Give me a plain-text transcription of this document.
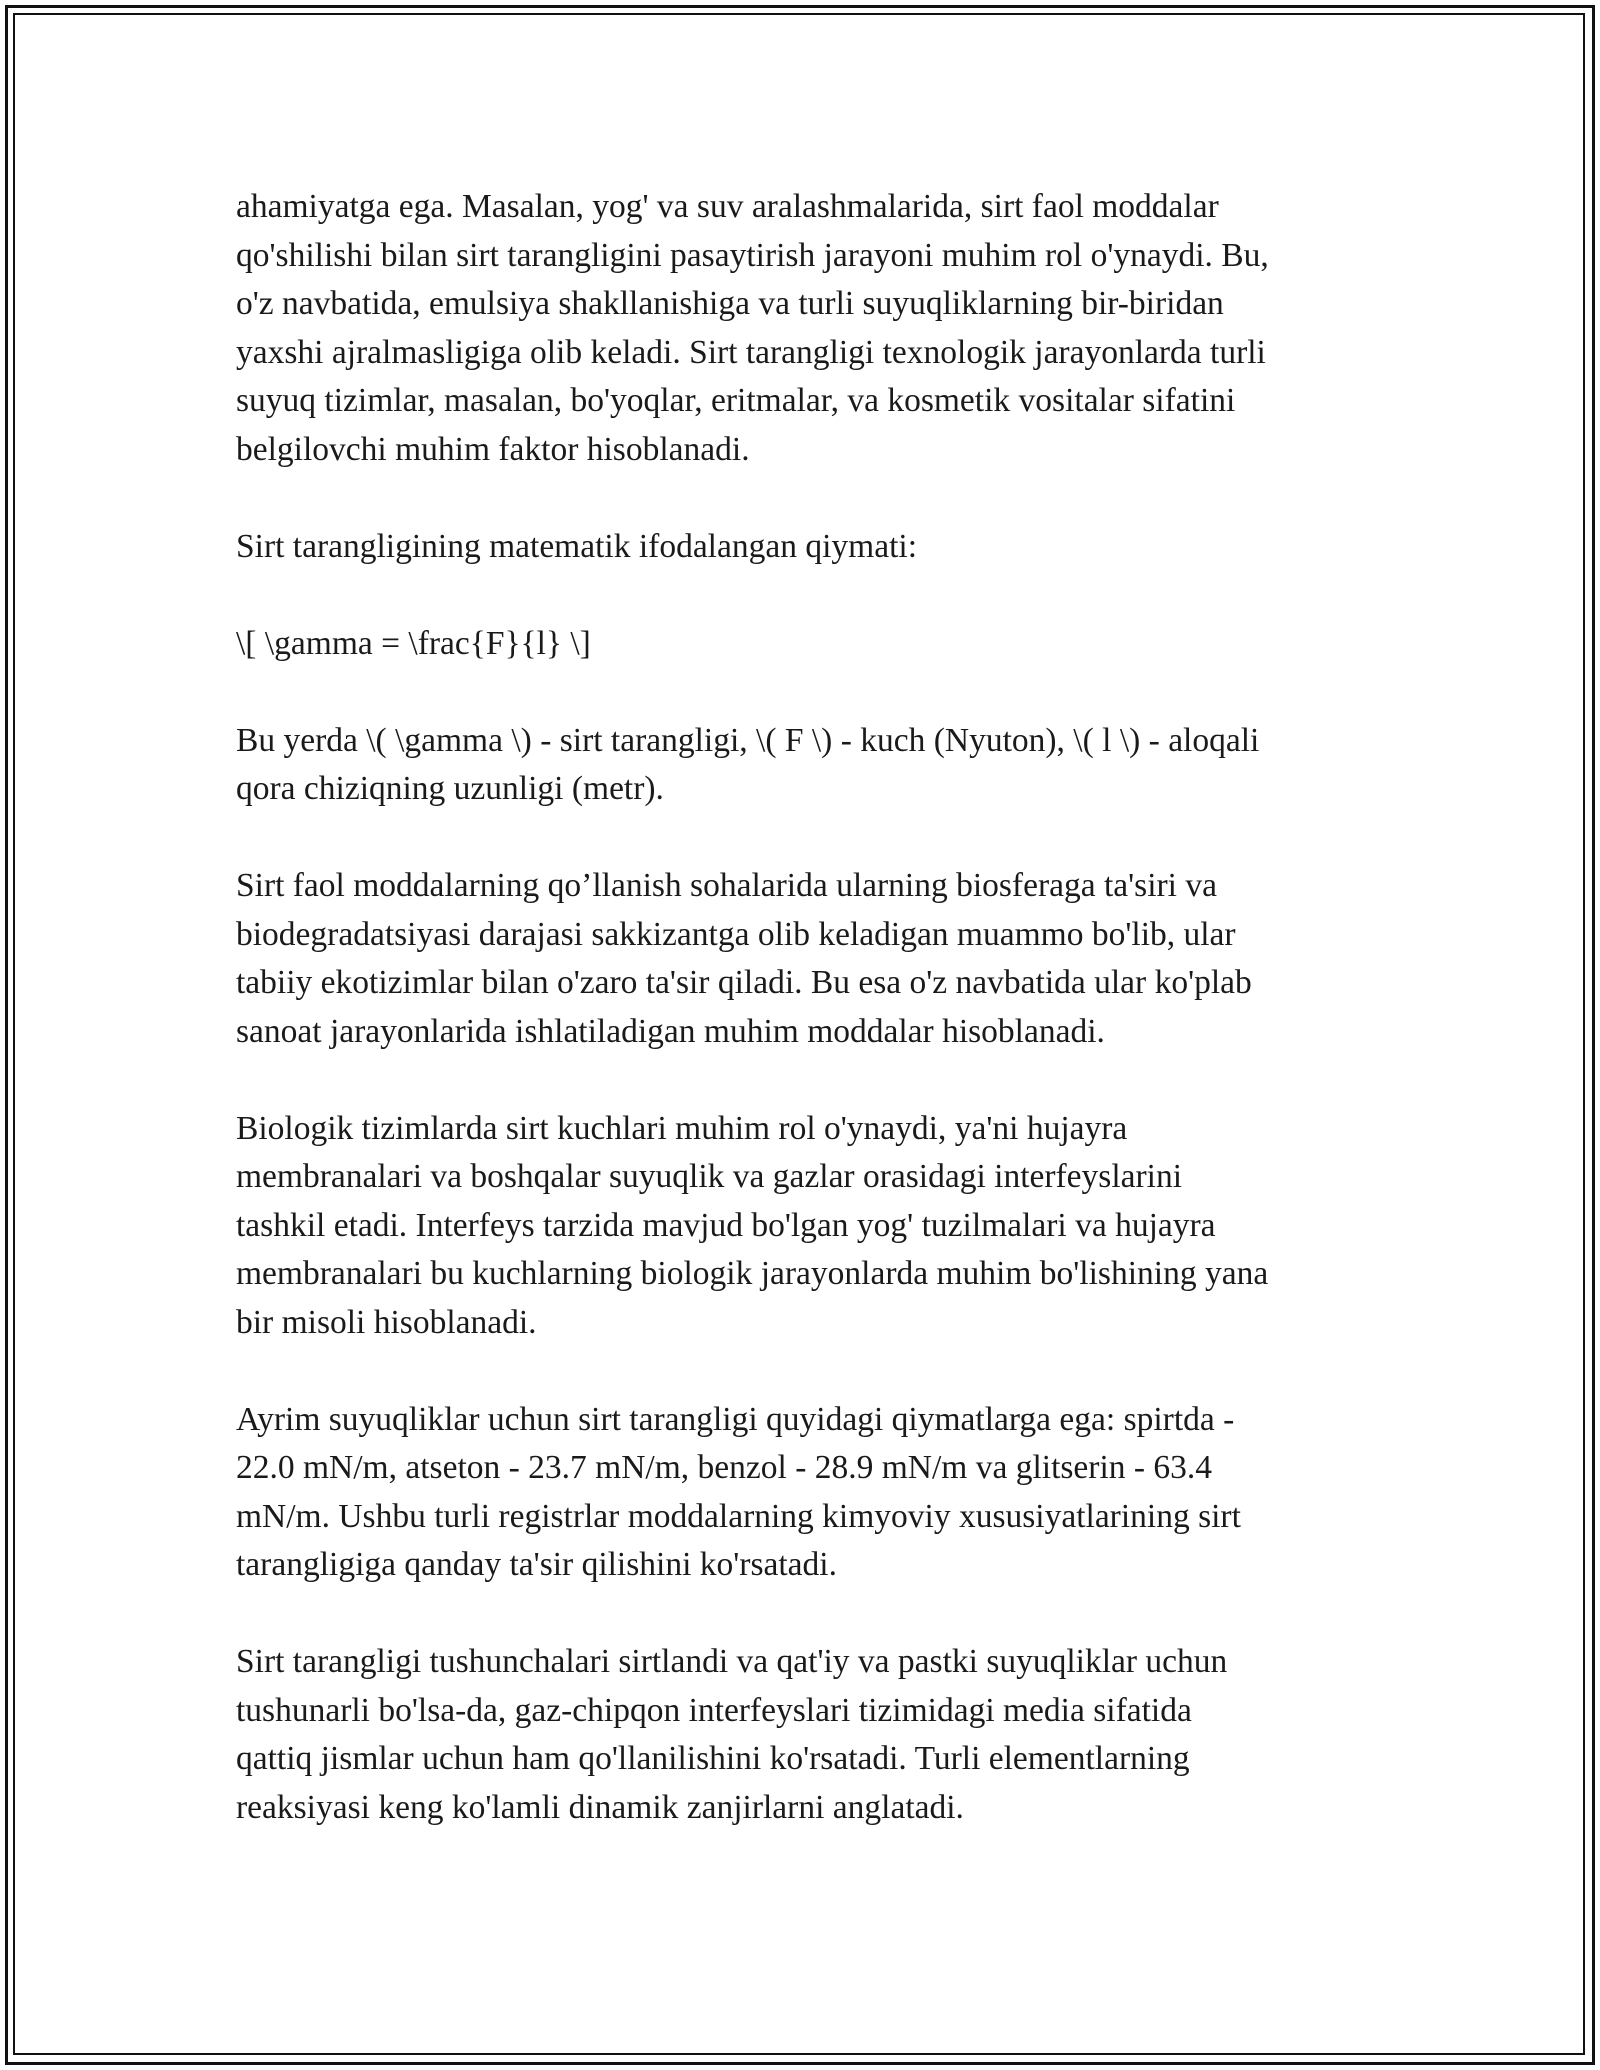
ahamiyatga ega. Masalan, yog' va suv aralashmalarida, sirt faol moddalar
qo'shilishi bilan sirt tarangligini pasaytirish jarayoni muhim rol o'ynaydi. Bu,
o'z navbatida, emulsiya shakllanishiga va turli suyuqliklarning bir-biridan
yaxshi ajralmasligiga olib keladi. Sirt tarangligi texnologik jarayonlarda turli
suyuq tizimlar, masalan, bo'yoqlar, eritmalar, va kosmetik vositalar sifatini
belgilovchi muhim faktor hisoblanadi.

Sirt tarangligining matematik ifodalangan qiymati:

\[ \gamma = \frac{F}{l} \]

Bu yerda \( \gamma \) - sirt tarangligi, \( F \) - kuch (Nyuton), \( l \) - aloqali
qora chiziqning uzunligi (metr).

Sirt faol moddalarning qo’llanish sohalarida ularning biosferaga ta'siri va
biodegradatsiyasi darajasi sakkizantga olib keladigan muammo bo'lib, ular
tabiiy ekotizimlar bilan o'zaro ta'sir qiladi. Bu esa o'z navbatida ular ko'plab
sanoat jarayonlarida ishlatiladigan muhim moddalar hisoblanadi.

Biologik tizimlarda sirt kuchlari muhim rol o'ynaydi, ya'ni hujayra
membranalari va boshqalar suyuqlik va gazlar orasidagi interfeyslarini
tashkil etadi. Interfeys tarzida mavjud bo'lgan yog' tuzilmalari va hujayra
membranalari bu kuchlarning biologik jarayonlarda muhim bo'lishining yana
bir misoli hisoblanadi.

Ayrim suyuqliklar uchun sirt tarangligi quyidagi qiymatlarga ega: spirtda -
22.0 mN/m, atseton - 23.7 mN/m, benzol - 28.9 mN/m va glitserin - 63.4
mN/m. Ushbu turli registrlar moddalarning kimyoviy xususiyatlarining sirt
tarangligiga qanday ta'sir qilishini ko'rsatadi.

Sirt tarangligi tushunchalari sirtlandi va qat'iy va pastki suyuqliklar uchun
tushunarli bo'lsa-da, gaz-chipqon interfeyslari tizimidagi media sifatida
qattiq jismlar uchun ham qo'llanilishini ko'rsatadi. Turli elementlarning
reaksiyasi keng ko'lamli dinamik zanjirlarni anglatadi.
